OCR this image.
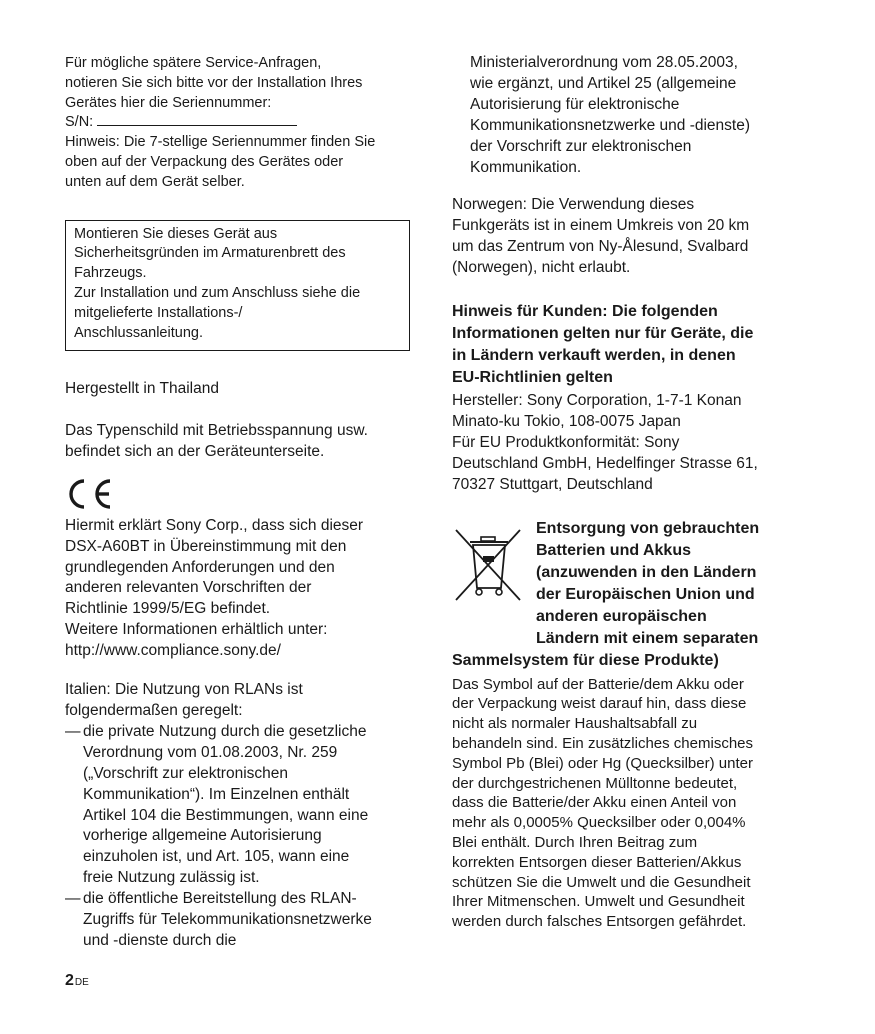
Für mögliche spätere Service-Anfragen,

notieren Sie sich bitte vor der Installation Ihres

Gerätes hier die Seriennummer:

S/N:

Hinweis: Die 7-stellige Seriennummer finden Sie

oben auf der Verpackung des Gerätes oder

unten auf dem Gerät selber.

Montieren Sie dieses Gerät aus

Sicherheitsgründen im Armaturenbrett des

Fahrzeugs.

Zur Installation und zum Anschluss siehe die

mitgelieferte Installations-/

Anschlussanleitung.

Hergestellt in Thailand

Das Typenschild mit Betriebsspannung usw.

befindet sich an der Geräteunterseite.

Hiermit erklärt Sony Corp., dass sich dieser

DSX-A60BT in Übereinstimmung mit den

grundlegenden Anforderungen und den

anderen relevanten Vorschriften der

Richtlinie 1999/5/EG befindet.

Weitere Informationen erhältlich unter:

http://www.compliance.sony.de/

Italien: Die Nutzung von RLANs ist

folgendermaßen geregelt:

— die private Nutzung durch die gesetzliche

Verordnung vom 01.08.2003, Nr. 259

(„Vorschrift zur elektronischen

Kommunikation“). Im Einzelnen enthält

Artikel 104 die Bestimmungen, wann eine

vorherige allgemeine Autorisierung

einzuholen ist, und Art. 105, wann eine

freie Nutzung zulässig ist.

— die öffentliche Bereitstellung des RLAN-

Zugriffs für Telekommunikationsnetzwerke

und -dienste durch die

Ministerialverordnung vom 28.05.2003,

wie ergänzt, und Artikel 25 (allgemeine

Autorisierung für elektronische

Kommunikationsnetzwerke und -dienste)

der Vorschrift zur elektronischen

Kommunikation.

Norwegen: Die Verwendung dieses

Funkgeräts ist in einem Umkreis von 20 km

um das Zentrum von Ny-Ålesund, Svalbard

(Norwegen), nicht erlaubt.

Hinweis für Kunden: Die folgenden

Informationen gelten nur für Geräte, die

in Ländern verkauft werden, in denen

EU-Richtlinien gelten

Hersteller: Sony Corporation, 1-7-1 Konan

Minato-ku Tokio, 108-0075 Japan

Für EU Produktkonformität: Sony

Deutschland GmbH, Hedelfinger Strasse 61,

70327 Stuttgart, Deutschland

Entsorgung von gebrauchten

Batterien und Akkus

(anzuwenden in den Ländern

der Europäischen Union und

anderen europäischen

Ländern mit einem separaten

Sammelsystem für diese Produkte)

Das Symbol auf der Batterie/dem Akku oder

der Verpackung weist darauf hin, dass diese

nicht als normaler Haushaltsabfall zu

behandeln sind. Ein zusätzliches chemisches

Symbol Pb (Blei) oder Hg (Quecksilber) unter

der durchgestrichenen Mülltonne bedeutet,

dass die Batterie/der Akku einen Anteil von

mehr als 0,0005% Quecksilber oder 0,004%

Blei enthält. Durch Ihren Beitrag zum

korrekten Entsorgen dieser Batterien/Akkus

schützen Sie die Umwelt und die Gesundheit

Ihrer Mitmenschen. Umwelt und Gesundheit

werden durch falsches Entsorgen gefährdet.

2DE
